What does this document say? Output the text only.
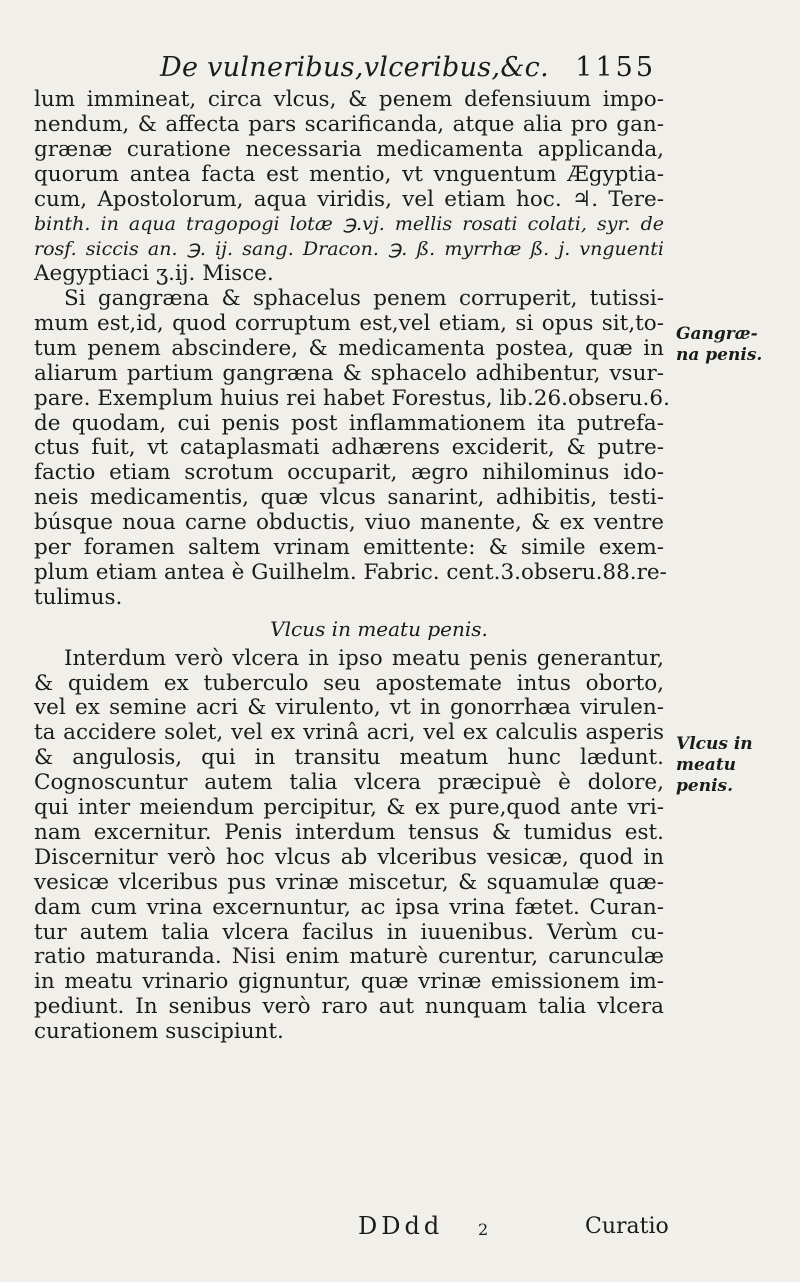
De vulneribus,vlceribus,&c. 1155
lum immineat, circa vlcus, & penem defensiuum impo-
nendum, & affecta pars scarificanda, atque alia pro gan-
grænæ curatione necessaria medicamenta applicanda,
quorum antea facta est mentio, vt vnguentum Ægyptia-
cum, Apostolorum, aqua viridis, vel etiam hoc. ♃. Tere-
binth. in aqua tragopogi lotæ ℈.vj. mellis rosati colati, syr. de
rosf. siccis an. ℈. ij. sang. Dracon. ℈. ß. myrrhæ ß. j. vnguenti
Aegyptiaci ʒ.ij. Misce.
Si gangræna & sphacelus penem corruperit, tutissi-
mum est,id, quod corruptum est,vel etiam, si opus sit,to-
tum penem abscindere, & medicamenta postea, quæ in
aliarum partium gangræna & sphacelo adhibentur, vsur-
pare. Exemplum huius rei habet Forestus, lib.26.obseru.6.
de quodam, cui penis post inflammationem ita putrefa-
ctus fuit, vt cataplasmati adhærens exciderit, & putre-
factio etiam scrotum occuparit, ægro nihilominus ido-
neis medicamentis, quæ vlcus sanarint, adhibitis, testi-
búsque noua carne obductis, viuo manente, & ex ventre
per foramen saltem vrinam emittente: & simile exem-
plum etiam antea è Guilhelm. Fabric. cent.3.obseru.88.re-
tulimus.
Vlcus in meatu penis.
Interdum verò vlcera in ipso meatu penis generantur,
& quidem ex tuberculo seu apostemate intus oborto,
vel ex semine acri & virulento, vt in gonorrhæa virulen-
ta accidere solet, vel ex vrinâ acri, vel ex calculis asperis
& angulosis, qui in transitu meatum hunc lædunt.
Cognoscuntur autem talia vlcera præcipuè è dolore,
qui inter meiendum percipitur, & ex pure,quod ante vri-
nam excernitur. Penis interdum tensus & tumidus est.
Discernitur verò hoc vlcus ab vlceribus vesicæ, quod in
vesicæ vlceribus pus vrinæ miscetur, & squamulæ quæ-
dam cum vrina excernuntur, ac ipsa vrina fætet. Curan-
tur autem talia vlcera facilus in iuuenibus. Verùm cu-
ratio maturanda. Nisi enim maturè curentur, carunculæ
in meatu vrinario gignuntur, quæ vrinæ emissionem im-
pediunt. In senibus verò raro aut nunquam talia vlcera
curationem suscipiunt.
Gangræ-
na penis.
Vlcus in
meatu
penis.
DDdd 2	Curatio
